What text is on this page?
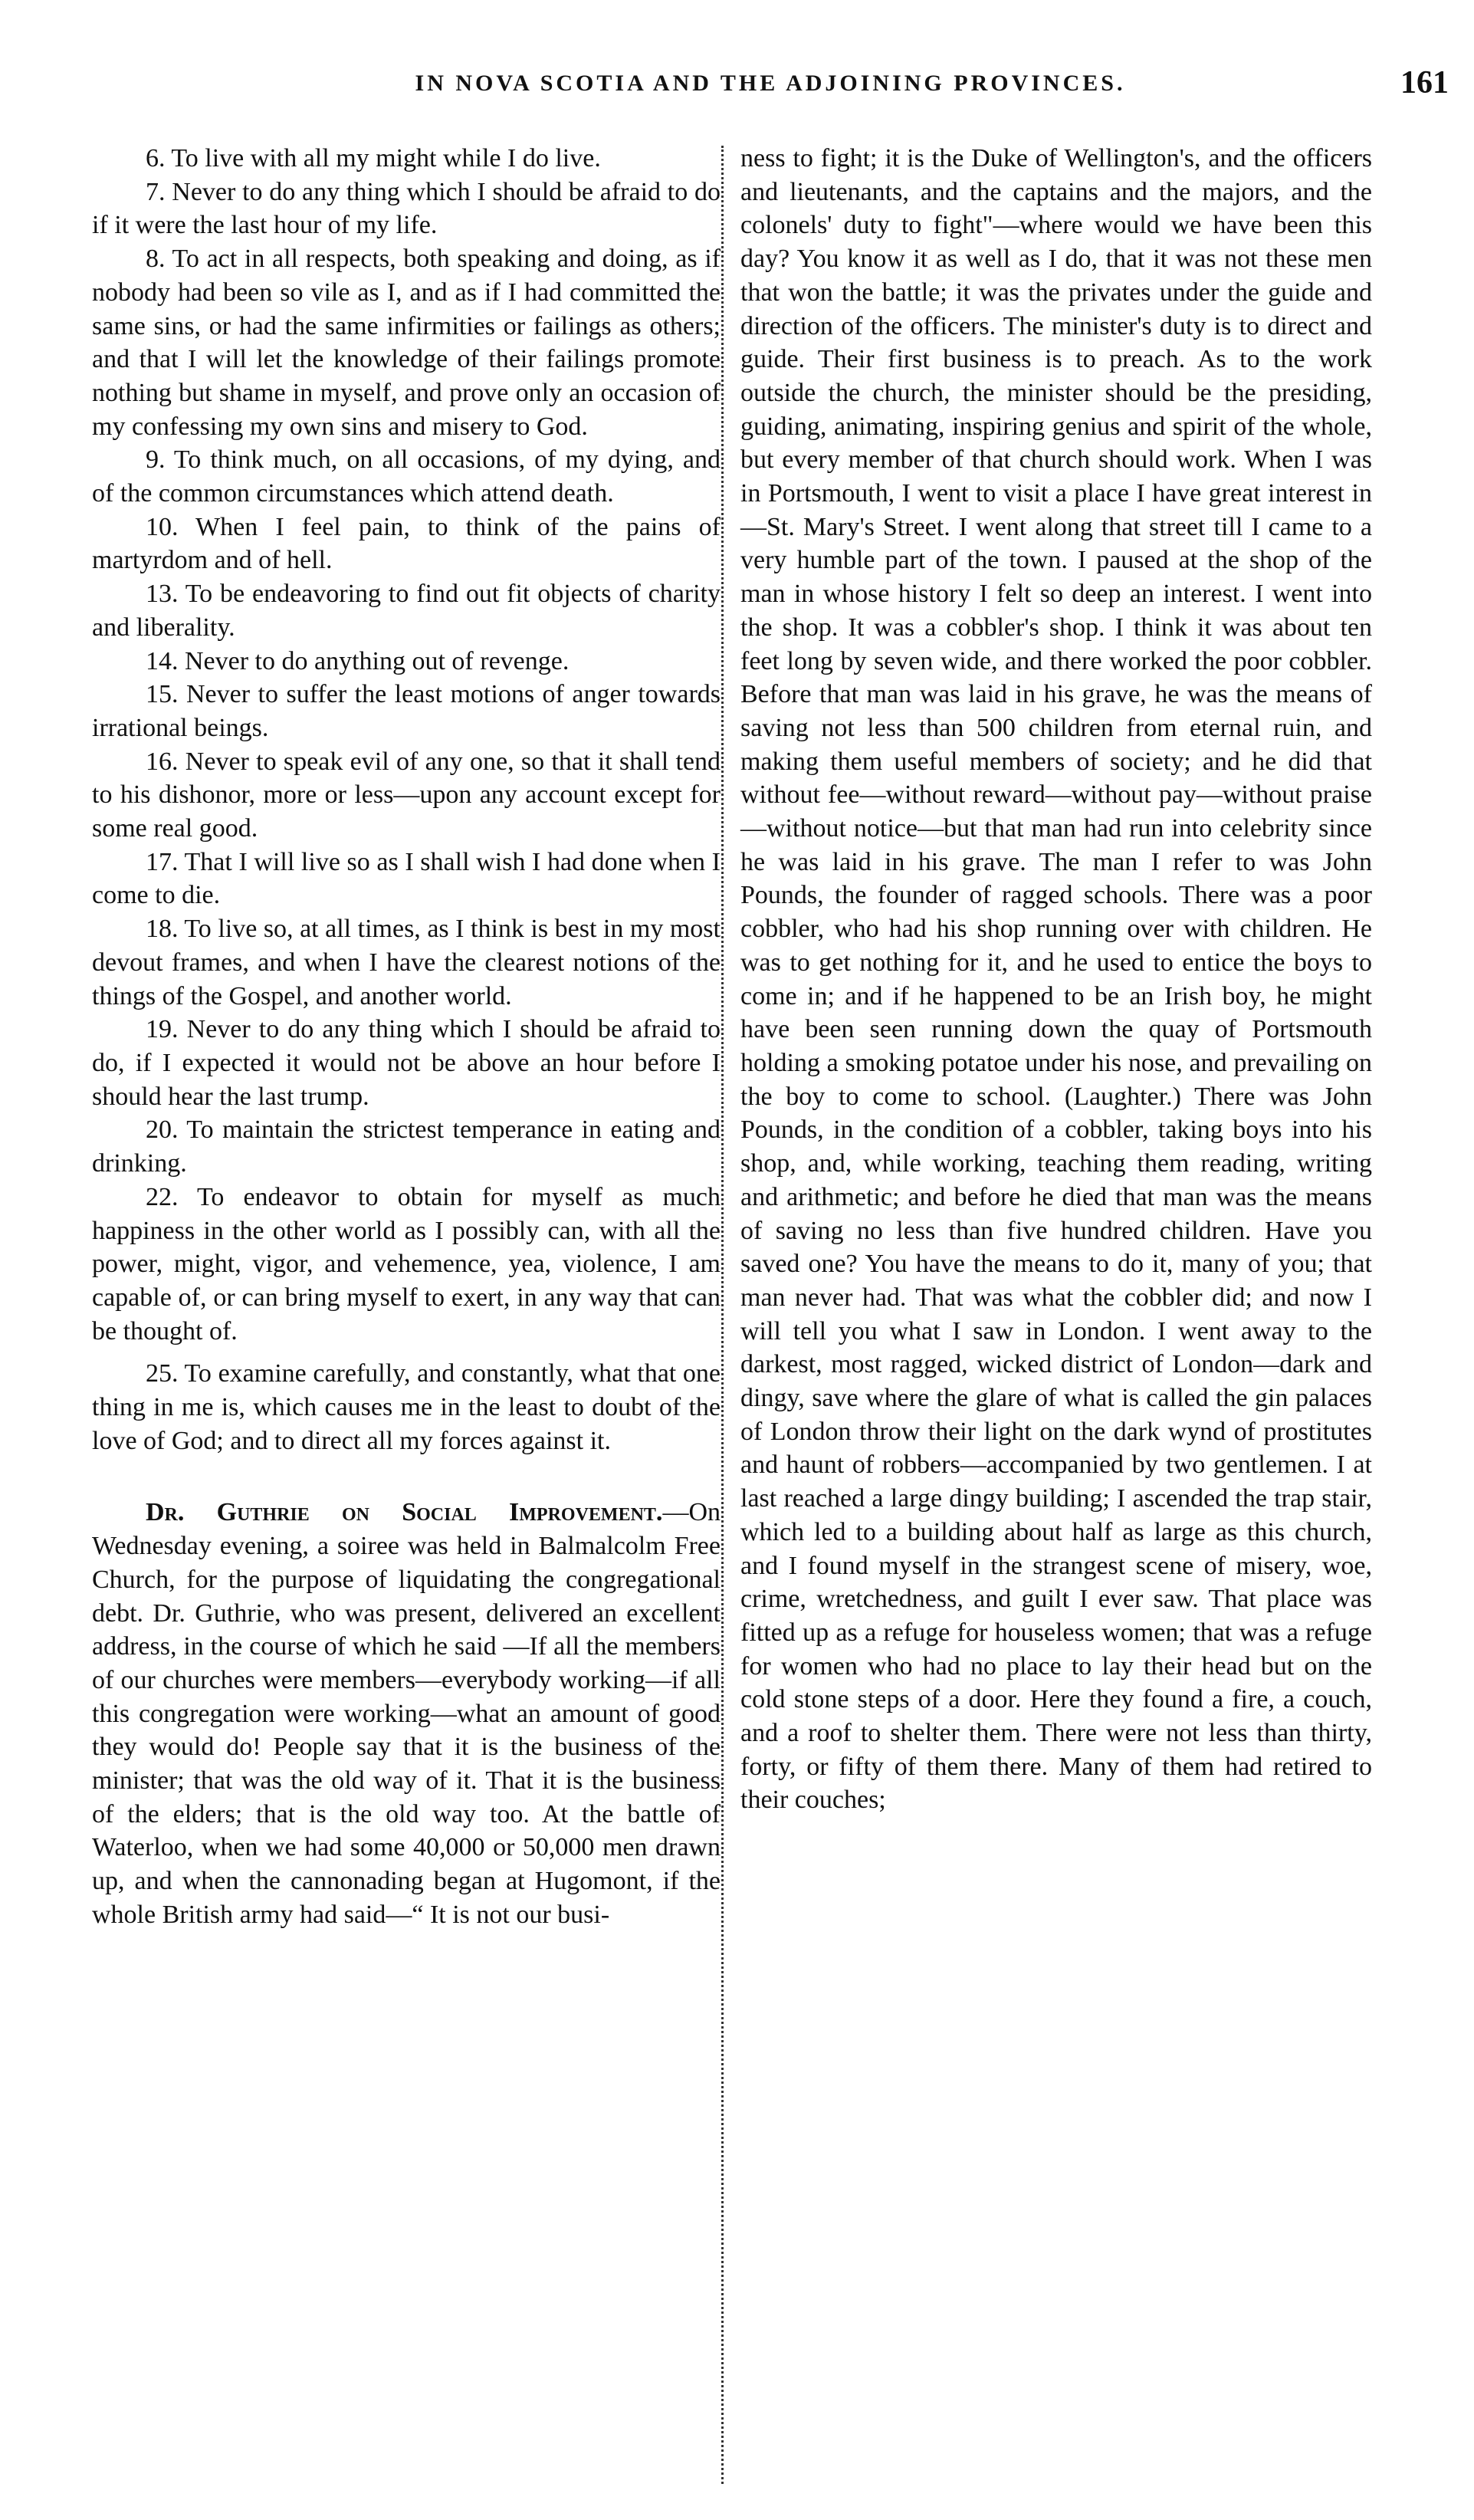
IN NOVA SCOTIA AND THE ADJOINING PROVINCES.	161

6. To live with all my might while I do live.

7. Never to do any thing which I should be afraid to do if it were the last hour of my life.

8. To act in all respects, both speaking and doing, as if nobody had been so vile as I, and as if I had committed the same sins, or had the same infirmities or failings as others; and that I will let the knowledge of their failings promote nothing but shame in myself, and prove only an occasion of my confessing my own sins and misery to God.

9. To think much, on all occasions, of my dying, and of the common circumstances which attend death.

10. When I feel pain, to think of the pains of martyrdom and of hell.

13. To be endeavoring to find out fit objects of charity and liberality.

14. Never to do anything out of revenge.

15. Never to suffer the least motions of anger towards irrational beings.

16. Never to speak evil of any one, so that it shall tend to his dishonor, more or less—upon any account except for some real good.

17. That I will live so as I shall wish I had done when I come to die.

18. To live so, at all times, as I think is best in my most devout frames, and when I have the clearest notions of the things of the Gospel, and another world.

19. Never to do any thing which I should be afraid to do, if I expected it would not be above an hour before I should hear the last trump.

20. To maintain the strictest temperance in eating and drinking.

22. To endeavor to obtain for myself as much happiness in the other world as I possibly can, with all the power, might, vigor, and vehemence, yea, violence, I am capable of, or can bring myself to exert, in any way that can be thought of.

25. To examine carefully, and constantly, what that one thing in me is, which causes me in the least to doubt of the love of God; and to direct all my forces against it.

Dr. Guthrie on Social Improvement.—On Wednesday evening, a soiree was held in Balmalcolm Free Church, for the purpose of liquidating the congregational debt. Dr. Guthrie, who was present, delivered an excellent address, in the course of which he said —If all the members of our churches were members—everybody working—if all this congregation were working—what an amount of good they would do! People say that it is the business of the minister; that was the old way of it. That it is the business of the elders; that is the old way too. At the battle of Waterloo, when we had some 40,000 or 50,000 men drawn up, and when the cannonading began at Hugomont, if the whole British army had said—“ It is not our busi-

ness to fight; it is the Duke of Wellington's, and the officers and lieutenants, and the captains and the majors, and the colonels' duty to fight"—where would we have been this day? You know it as well as I do, that it was not these men that won the battle; it was the privates under the guide and direction of the officers. The minister's duty is to direct and guide. Their first business is to preach. As to the work outside the church, the minister should be the presiding, guiding, animating, inspiring genius and spirit of the whole, but every member of that church should work. When I was in Portsmouth, I went to visit a place I have great interest in—St. Mary's Street. I went along that street till I came to a very humble part of the town. I paused at the shop of the man in whose history I felt so deep an interest. I went into the shop. It was a cobbler's shop. I think it was about ten feet long by seven wide, and there worked the poor cobbler. Before that man was laid in his grave, he was the means of saving not less than 500 children from eternal ruin, and making them useful members of society; and he did that without fee—without reward—without pay—without praise—without notice—but that man had run into celebrity since he was laid in his grave. The man I refer to was John Pounds, the founder of ragged schools. There was a poor cobbler, who had his shop running over with children. He was to get nothing for it, and he used to entice the boys to come in; and if he happened to be an Irish boy, he might have been seen running down the quay of Portsmouth holding a smoking potatoe under his nose, and prevailing on the boy to come to school. (Laughter.) There was John Pounds, in the condition of a cobbler, taking boys into his shop, and, while working, teaching them reading, writing and arithmetic; and before he died that man was the means of saving no less than five hundred children. Have you saved one? You have the means to do it, many of you; that man never had. That was what the cobbler did; and now I will tell you what I saw in London. I went away to the darkest, most ragged, wicked district of London—dark and dingy, save where the glare of what is called the gin palaces of London throw their light on the dark wynd of prostitutes and haunt of robbers—accompanied by two gentlemen. I at last reached a large dingy building; I ascended the trap stair, which led to a building about half as large as this church, and I found myself in the strangest scene of misery, woe, crime, wretchedness, and guilt I ever saw. That place was fitted up as a refuge for houseless women; that was a refuge for women who had no place to lay their head but on the cold stone steps of a door. Here they found a fire, a couch, and a roof to shelter them. There were not less than thirty, forty, or fifty of them there. Many of them had retired to their couches;
